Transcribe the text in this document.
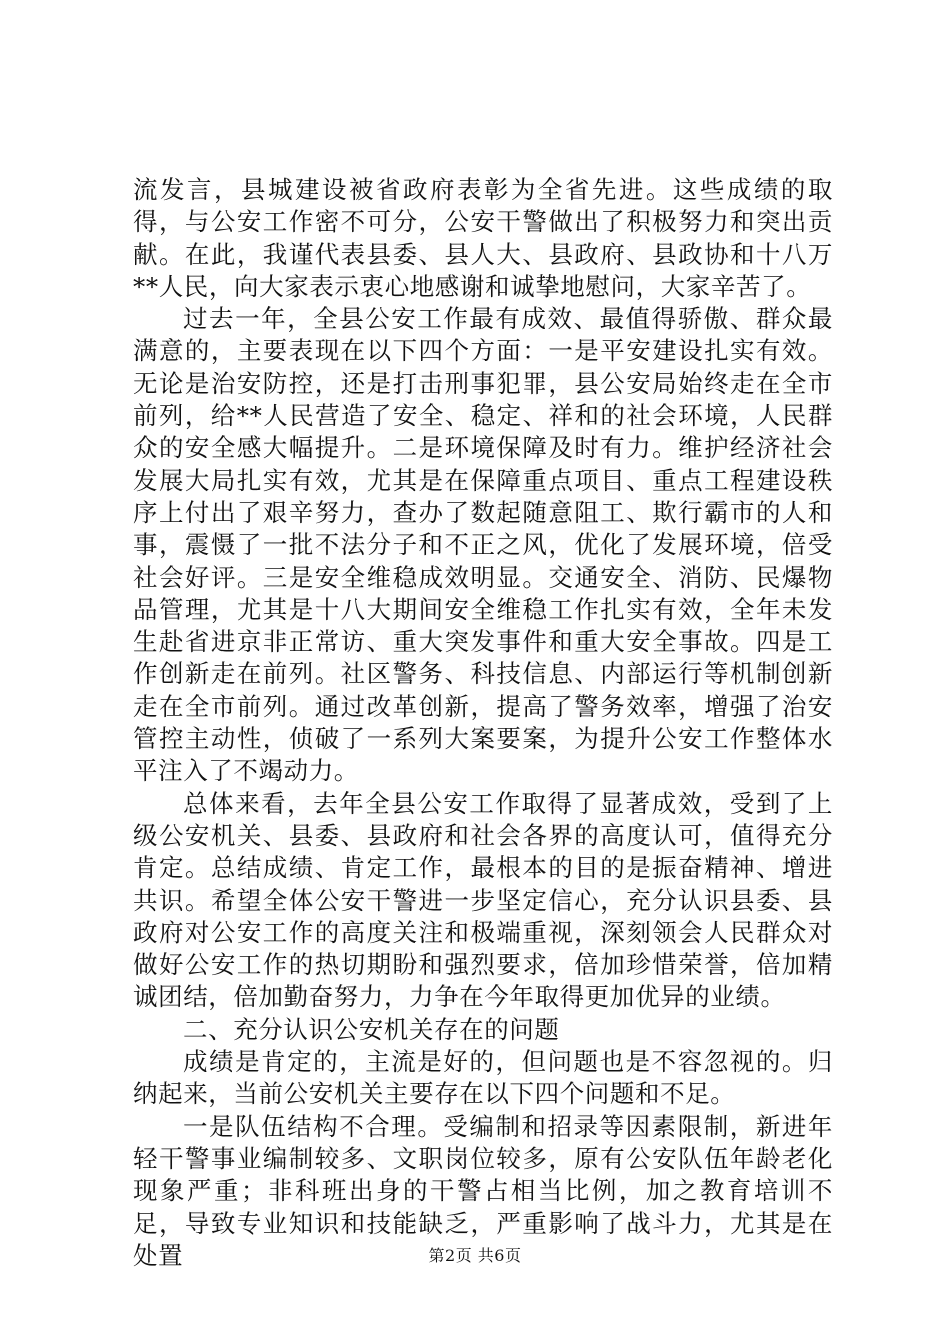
流发言，县城建设被省政府表彰为全省先进。这些成绩的取得，与公安工作密不可分，公安干警做出了积极努力和突出贡献。在此，我谨代表县委、县人大、县政府、县政协和十八万**人民，向大家表示衷心地感谢和诚挚地慰问，大家辛苦了。

过去一年，全县公安工作最有成效、最值得骄傲、群众最满意的，主要表现在以下四个方面：一是平安建设扎实有效。无论是治安防控，还是打击刑事犯罪，县公安局始终走在全市前列，给**人民营造了安全、稳定、祥和的社会环境，人民群众的安全感大幅提升。二是环境保障及时有力。维护经济社会发展大局扎实有效，尤其是在保障重点项目、重点工程建设秩序上付出了艰辛努力，查办了数起随意阻工、欺行霸市的人和事，震慑了一批不法分子和不正之风，优化了发展环境，倍受社会好评。三是安全维稳成效明显。交通安全、消防、民爆物品管理，尤其是十八大期间安全维稳工作扎实有效，全年未发生赴省进京非正常访、重大突发事件和重大安全事故。四是工作创新走在前列。社区警务、科技信息、内部运行等机制创新走在全市前列。通过改革创新，提高了警务效率，增强了治安管控主动性，侦破了一系列大案要案，为提升公安工作整体水平注入了不竭动力。

总体来看，去年全县公安工作取得了显著成效，受到了上级公安机关、县委、县政府和社会各界的高度认可，值得充分肯定。总结成绩、肯定工作，最根本的目的是振奋精神、增进共识。希望全体公安干警进一步坚定信心，充分认识县委、县政府对公安工作的高度关注和极端重视，深刻领会人民群众对做好公安工作的热切期盼和强烈要求，倍加珍惜荣誉，倍加精诚团结，倍加勤奋努力，力争在今年取得更加优异的业绩。

二、充分认识公安机关存在的问题

成绩是肯定的，主流是好的，但问题也是不容忽视的。归纳起来，当前公安机关主要存在以下四个问题和不足。

一是队伍结构不合理。受编制和招录等因素限制，新进年轻干警事业编制较多、文职岗位较多，原有公安队伍年龄老化现象严重；非科班出身的干警占相当比例，加之教育培训不足，导致专业知识和技能缺乏，严重影响了战斗力，尤其是在处置	第2页 共6页
